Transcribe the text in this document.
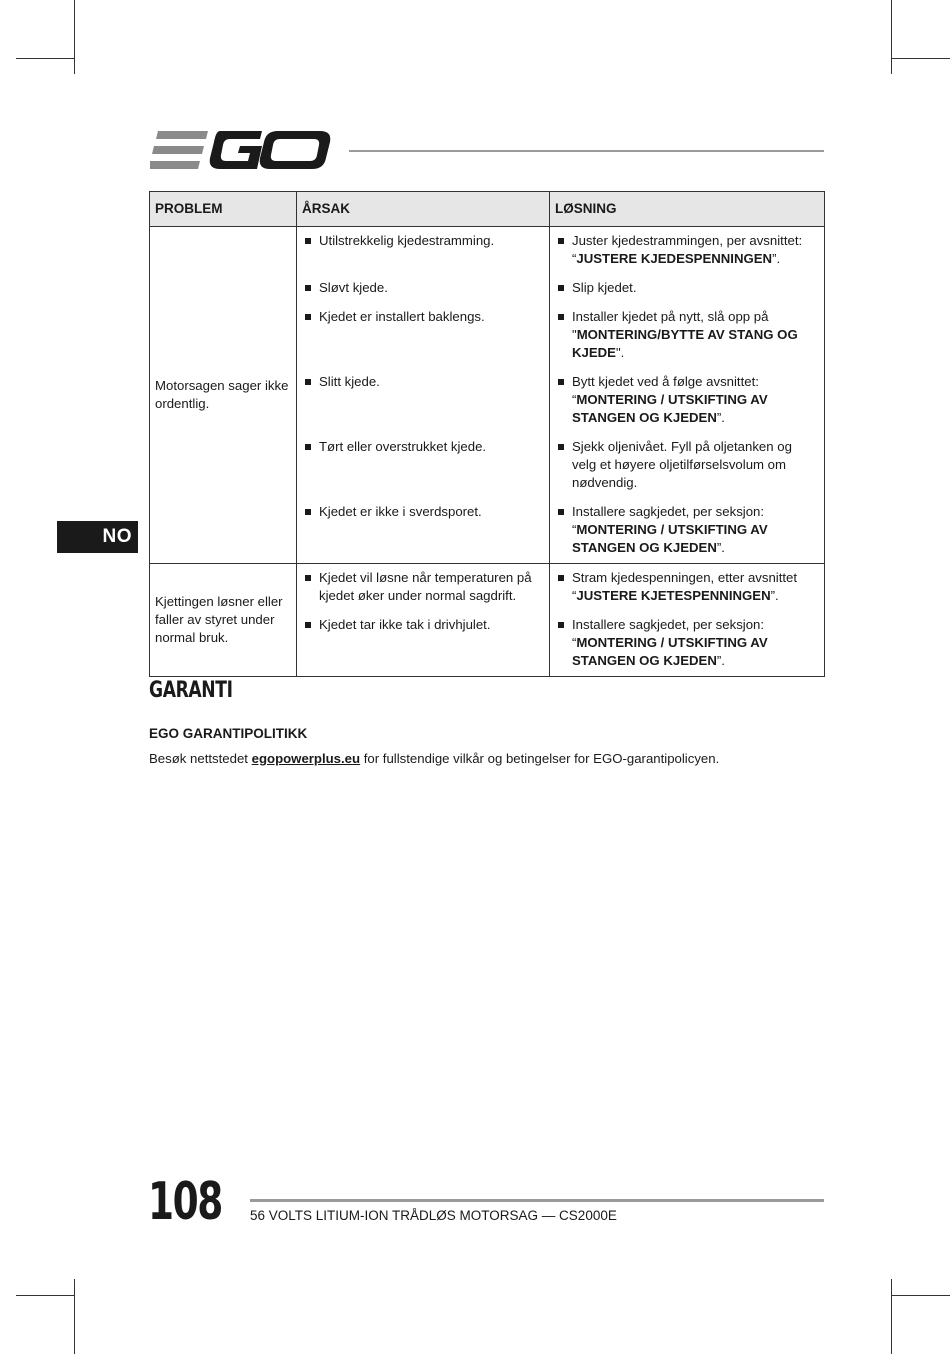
NO
PROBLEM	ÅRSAK	LØSNING
Motorsagen sager ikke ordentlig.	Utilstrekkelig kjedestramming.	Juster kjedestrammingen, per avsnittet: “JUSTERE KJEDESPENNINGEN”.

	Sløvt kjede.	Slip kjedet.

	Kjedet er installert baklengs.	Installer kjedet på nytt, slå opp på "MONTERING/BYTTE AV STANG OG KJEDE".

	Slitt kjede.	Bytt kjedet ved å følge avsnittet: “MONTERING / UTSKIFTING AV STANGEN OG KJEDEN”.

	Tørt eller overstrukket kjede.	Sjekk oljenivået. Fyll på oljetanken og velg et høyere oljetilførselsvolum om nødvendig.

	Kjedet er ikke i sverdsporet.	Installere sagkjedet, per seksjon: “MONTERING / UTSKIFTING AV STANGEN OG KJEDEN”.

Kjettingen løsner eller faller av styret under normal bruk.	Kjedet vil løsne når temperaturen på kjedet øker under normal sagdrift.	Stram kjedespenningen, etter avsnittet “JUSTERE KJETESPENNINGEN”.

	Kjedet tar ikke tak i drivhjulet.	Installere sagkjedet, per seksjon: “MONTERING / UTSKIFTING AV STANGEN OG KJEDEN”.
GARANTI
EGO GARANTIPOLITIKK
Besøk nettstedet egopowerplus.eu for fullstendige vilkår og betingelser for EGO-garantipolicyen.
108 56 VOLTS LITIUM-ION TRÅDLØS MOTORSAG — CS2000E
